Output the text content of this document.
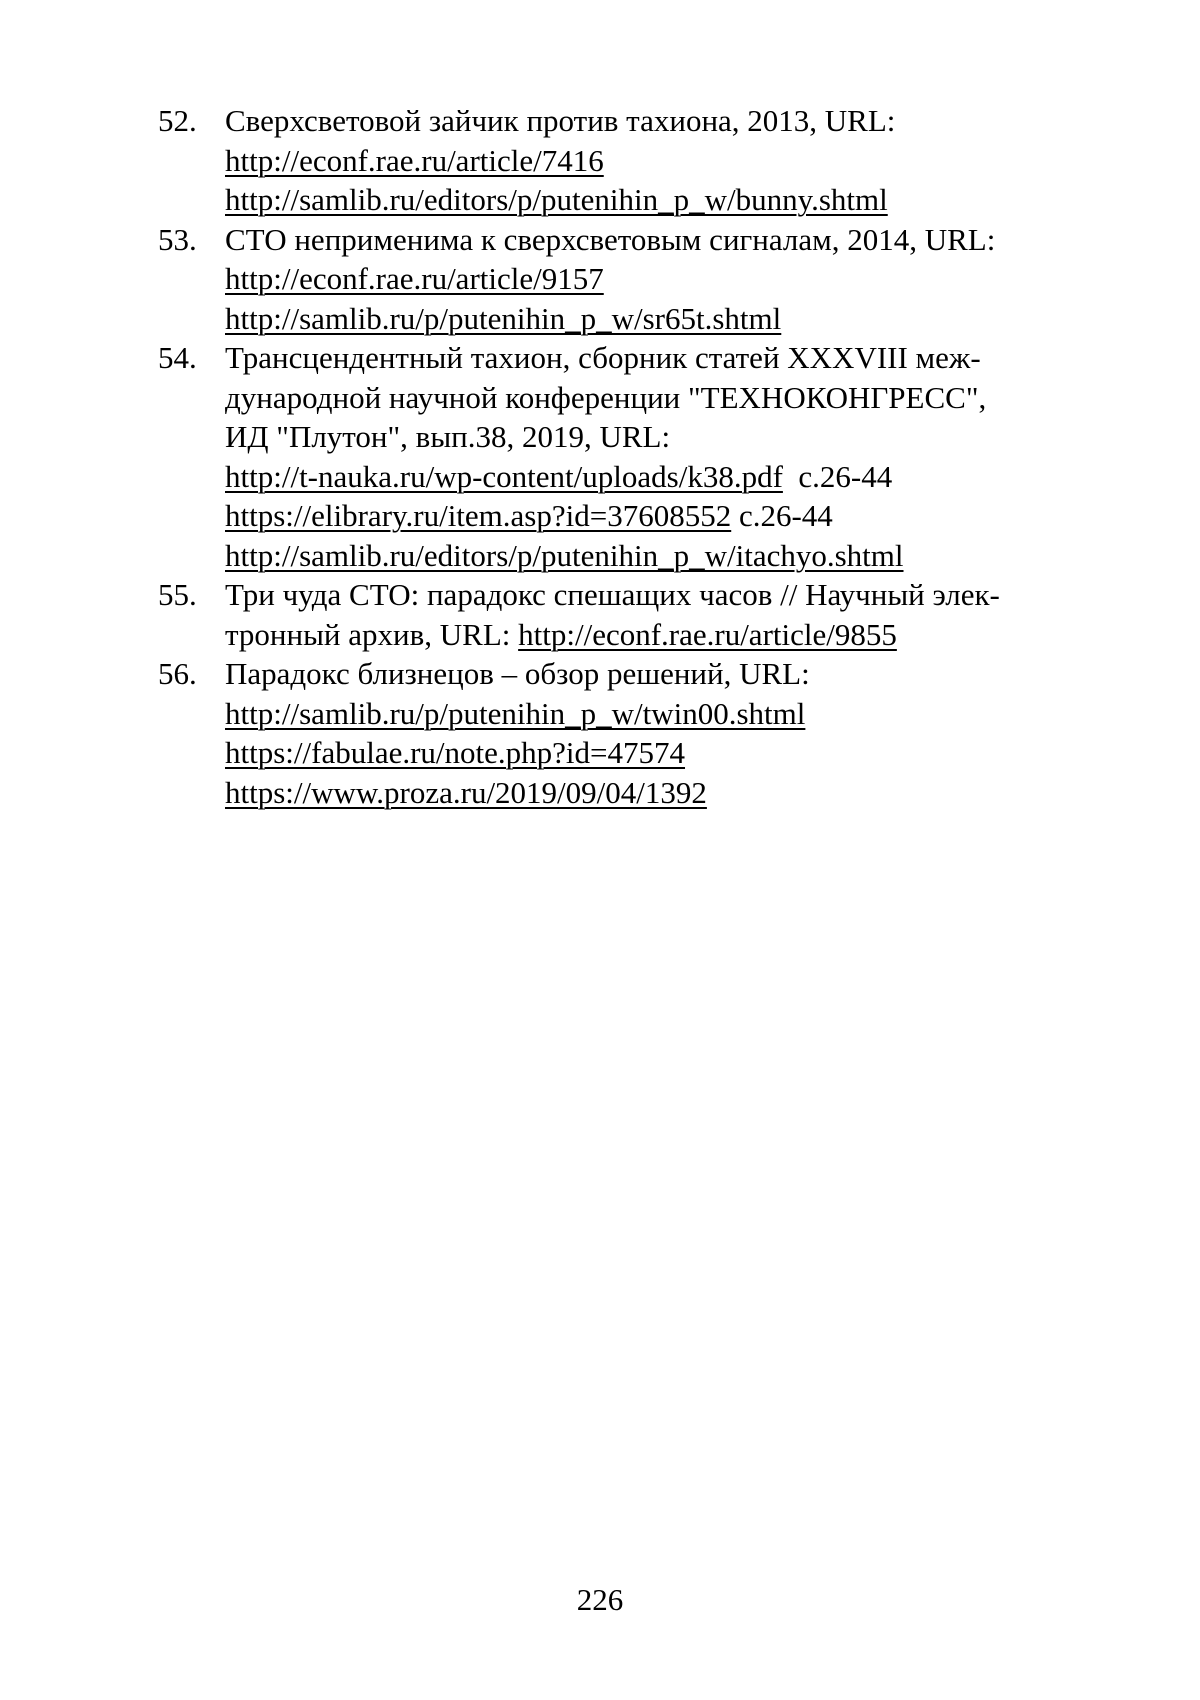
52. Сверхсветовой зайчик против тахиона, 2013, URL:
http://econf.rae.ru/article/7416
http://samlib.ru/editors/p/putenihin_p_w/bunny.shtml
53. СТО неприменима к сверхсветовым сигналам, 2014, URL:
http://econf.rae.ru/article/9157
http://samlib.ru/p/putenihin_p_w/sr65t.shtml
54. Трансцендентный тахион, сборник статей XXXVIII меж-
дународной научной конференции "ТЕХНОКОНГРЕСС",
ИД "Плутон", вып.38, 2019, URL:
http://t-nauka.ru/wp-content/uploads/k38.pdf  с.26-44
https://elibrary.ru/item.asp?id=37608552 с.26-44
http://samlib.ru/editors/p/putenihin_p_w/itachyo.shtml
55. Три чуда СТО: парадокс спешащих часов // Научный элек-
тронный архив, URL: http://econf.rae.ru/article/9855
56. Парадокс близнецов – обзор решений, URL:
http://samlib.ru/p/putenihin_p_w/twin00.shtml
https://fabulae.ru/note.php?id=47574
https://www.proza.ru/2019/09/04/1392
226
